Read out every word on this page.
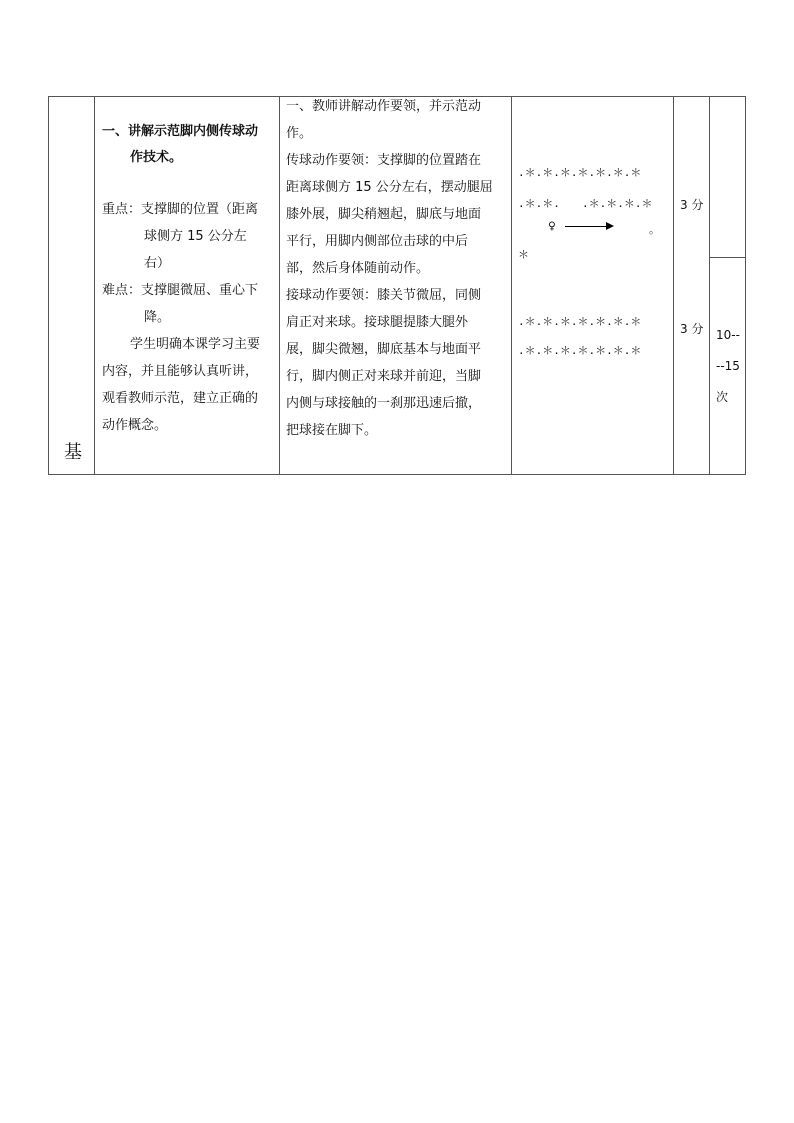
基
一、讲解示范脚内侧传球动
作技术。
重点：支撑脚的位置（距离
球侧方 15 公分左
右）
难点：支撑腿微屈、重心下
降。
学生明确本课学习主要
内容，并且能够认真听讲，
观看教师示范，建立正确的
动作概念。
一、教师讲解动作要领，并示范动
作。
传球动作要领：支撑脚的位置踏在
距离球侧方 15 公分左右，摆动腿屈
膝外展，脚尖稍翘起，脚底与地面
平行，用脚内侧部位击球的中后
部，然后身体随前动作。
接球动作要领：膝关节微屈，同侧
肩正对来球。接球腿提膝大腿外
展，脚尖微翘，脚底基本与地面平
行，脚内侧正对来球并前迎，当脚
内侧与球接触的一刹那迅速后撤，
把球接在脚下。
.＊.＊.＊.＊.＊.＊.＊
.＊.＊. .＊.＊.＊.＊
♀	。
＊
.＊.＊.＊.＊.＊.＊.＊
.＊.＊.＊.＊.＊.＊.＊
3 分
3 分 10--
--15
次
